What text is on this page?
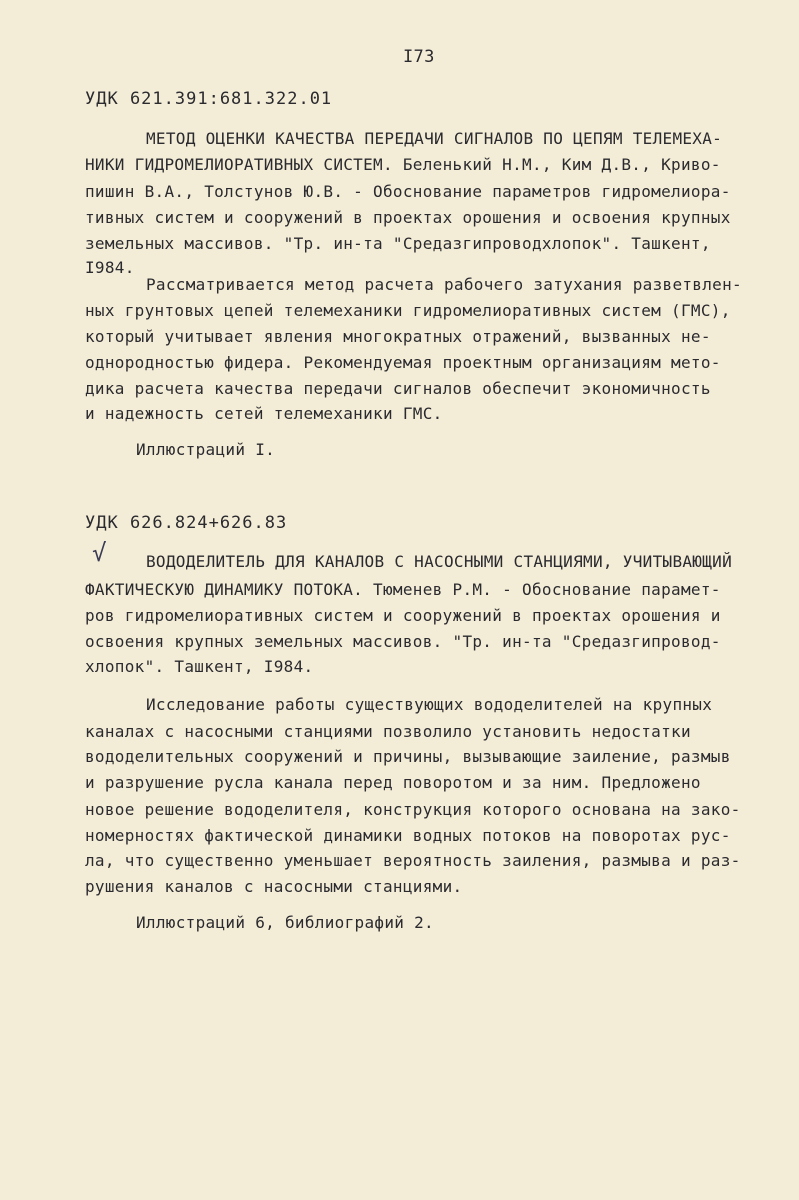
I73
УДК 621.391:681.322.01
МЕТОД ОЦЕНКИ КАЧЕСТВА ПЕРЕДАЧИ СИГНАЛОВ ПО ЦЕПЯМ ТЕЛЕМЕХА-
НИКИ ГИДРОМЕЛИОРАТИВНЫХ СИСТЕМ. Беленький Н.М., Ким Д.В., Криво-
пишин В.А., Толстунов Ю.В. - Обоснование параметров гидромелиора-
тивных систем и сооружений в проектах орошения и освоения крупных
земельных массивов. "Тр. ин-та "Средазгипроводхлопок". Ташкент,
I984.
Рассматривается метод расчета рабочего затухания разветвлен-
ных грунтовых цепей телемеханики гидромелиоративных систем (ГМС),
который учитывает явления многократных отражений, вызванных не-
однородностью фидера. Рекомендуемая проектным организациям мето-
дика расчета качества передачи сигналов обеспечит экономичность
и надежность сетей телемеханики ГМС.
Иллюстраций I.
УДК 626.824+626.83
√ ВОДОДЕЛИТЕЛЬ ДЛЯ КАНАЛОВ С НАСОСНЫМИ СТАНЦИЯМИ, УЧИТЫВАЮЩИЙ
ФАКТИЧЕСКУЮ ДИНАМИКУ ПОТОКА. Тюменев Р.М. - Обоснование парамет-
ров гидромелиоративных систем и сооружений в проектах орошения и
освоения крупных земельных массивов. "Тр. ин-та "Средазгипровод-
хлопок". Ташкент, I984.
Исследование работы существующих вододелителей на крупных
каналах с насосными станциями позволило установить недостатки
вододелительных сооружений и причины, вызывающие заиление, размыв
и разрушение русла канала перед поворотом и за ним. Предложено
новое решение вододелителя, конструкция которого основана на зако-
номерностях фактической динамики водных потоков на поворотах рус-
ла, что существенно уменьшает вероятность заиления, размыва и раз-
рушения каналов с насосными станциями.
Иллюстраций 6, библиографий 2.
